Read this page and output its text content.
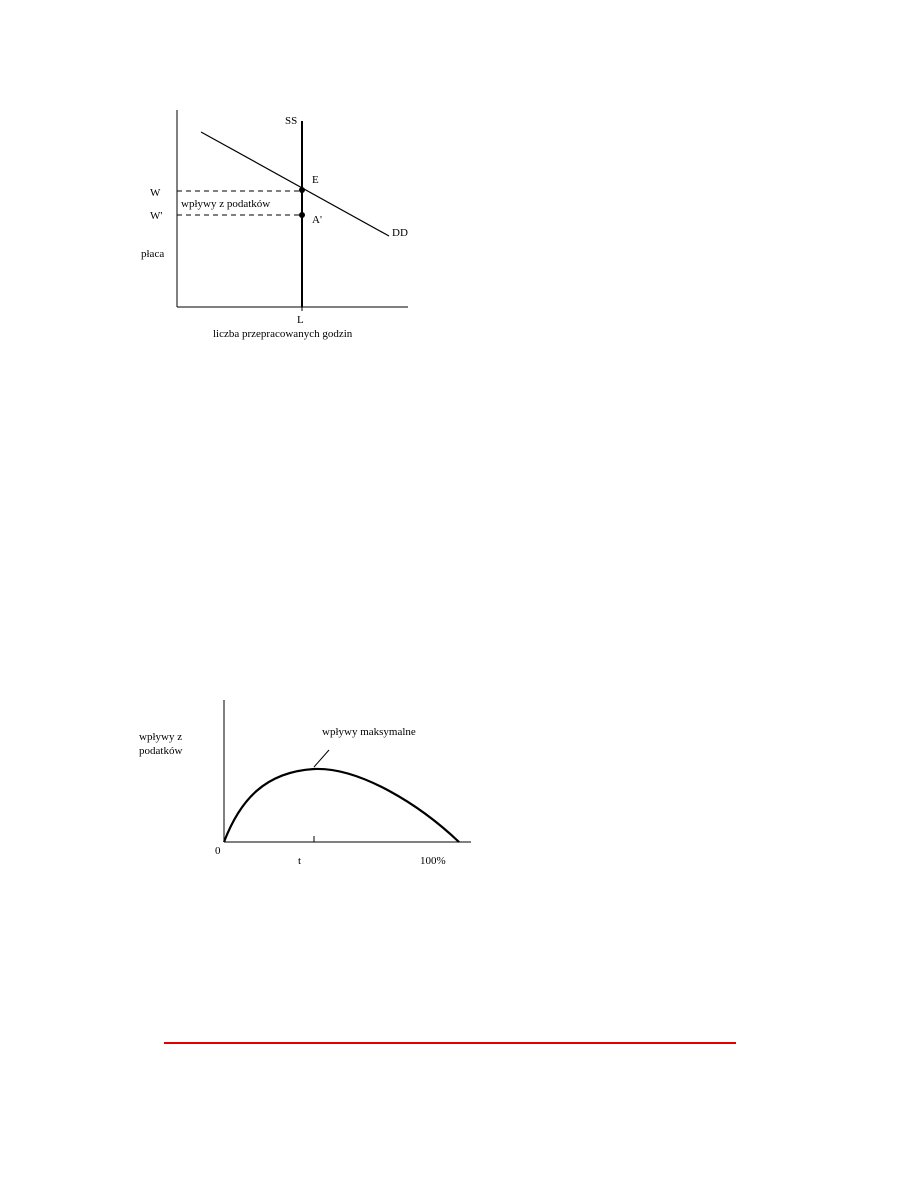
SS
DD
E
A'
W
W'
wpływy z podatków
płaca
L
liczba przepracowanych godzin
wpływy z
podatków
wpływy maksymalne
0
t	100%
